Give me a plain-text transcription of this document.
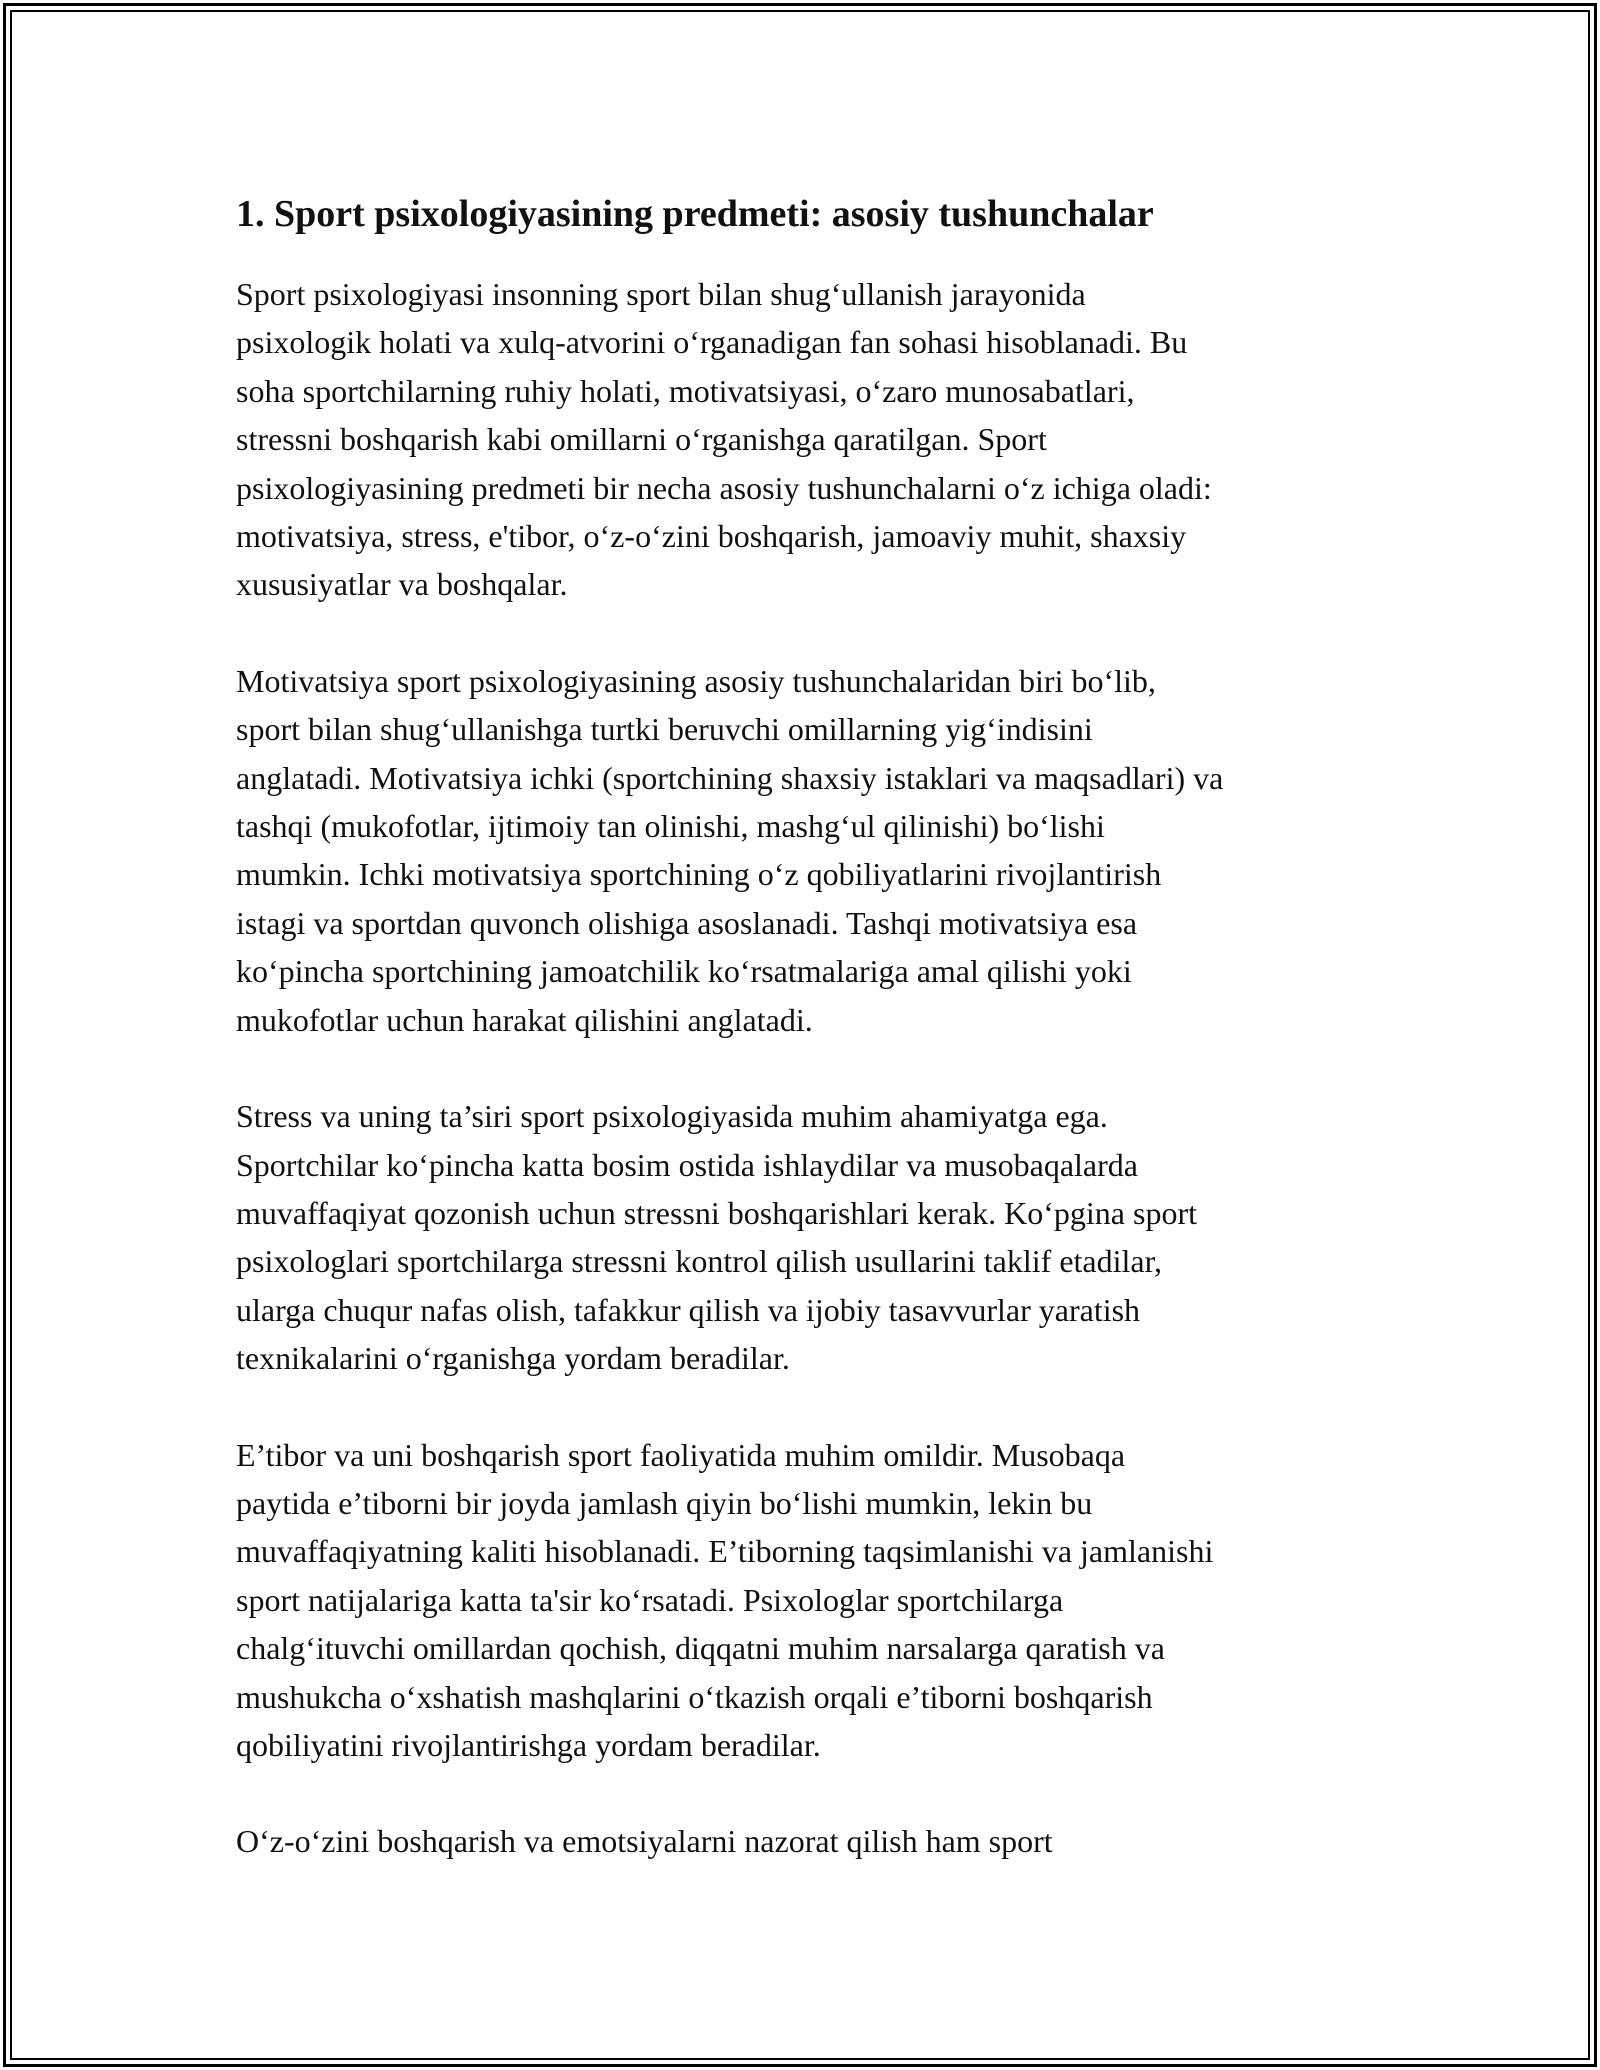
1. Sport psixologiyasining predmeti: asosiy tushunchalar

Sport psixologiyasi insonning sport bilan shug‘ullanish jarayonida
psixologik holati va xulq-atvorini o‘rganadigan fan sohasi hisoblanadi. Bu
soha sportchilarning ruhiy holati, motivatsiyasi, o‘zaro munosabatlari,
stressni boshqarish kabi omillarni o‘rganishga qaratilgan. Sport
psixologiyasining predmeti bir necha asosiy tushunchalarni o‘z ichiga oladi:
motivatsiya, stress, e'tibor, o‘z-o‘zini boshqarish, jamoaviy muhit, shaxsiy
xususiyatlar va boshqalar.

Motivatsiya sport psixologiyasining asosiy tushunchalaridan biri bo‘lib,
sport bilan shug‘ullanishga turtki beruvchi omillarning yig‘indisini
anglatadi. Motivatsiya ichki (sportchining shaxsiy istaklari va maqsadlari) va
tashqi (mukofotlar, ijtimoiy tan olinishi, mashg‘ul qilinishi) bo‘lishi
mumkin. Ichki motivatsiya sportchining o‘z qobiliyatlarini rivojlantirish
istagi va sportdan quvonch olishiga asoslanadi. Tashqi motivatsiya esa
ko‘pincha sportchining jamoatchilik ko‘rsatmalariga amal qilishi yoki
mukofotlar uchun harakat qilishini anglatadi.

Stress va uning ta’siri sport psixologiyasida muhim ahamiyatga ega.
Sportchilar ko‘pincha katta bosim ostida ishlaydilar va musobaqalarda
muvaffaqiyat qozonish uchun stressni boshqarishlari kerak. Ko‘pgina sport
psixologlari sportchilarga stressni kontrol qilish usullarini taklif etadilar,
ularga chuqur nafas olish, tafakkur qilish va ijobiy tasavvurlar yaratish
texnikalarini o‘rganishga yordam beradilar.

E’tibor va uni boshqarish sport faoliyatida muhim omildir. Musobaqa
paytida e’tiborni bir joyda jamlash qiyin bo‘lishi mumkin, lekin bu
muvaffaqiyatning kaliti hisoblanadi. E’tiborning taqsimlanishi va jamlanishi
sport natijalariga katta ta'sir ko‘rsatadi. Psixologlar sportchilarga
chalg‘ituvchi omillardan qochish, diqqatni muhim narsalarga qaratish va
mushukcha o‘xshatish mashqlarini o‘tkazish orqali e’tiborni boshqarish
qobiliyatini rivojlantirishga yordam beradilar.

O‘z-o‘zini boshqarish va emotsiyalarni nazorat qilish ham sport
